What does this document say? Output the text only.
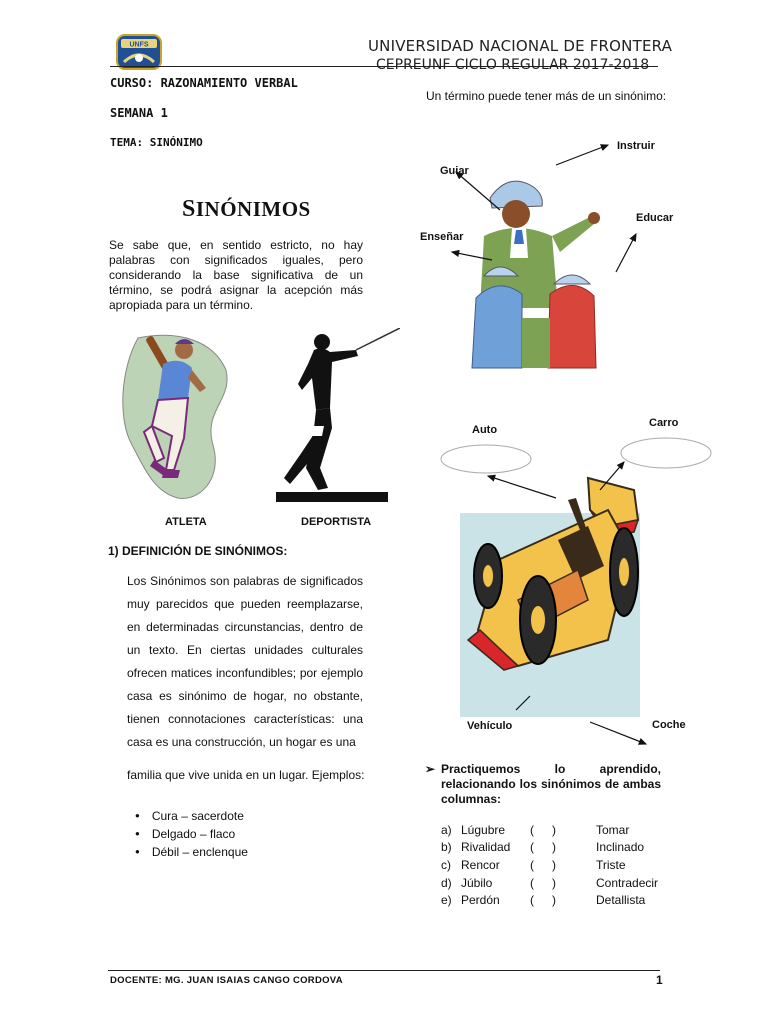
UNFS	UNIVERSIDAD NACIONAL DE FRONTERA
CEPREUNF CICLO REGULAR 2017-2018
CURSO: RAZONAMIENTO VERBAL
SEMANA 1
TEMA: SINÓNIMO
SINÓNIMOS

Se sabe que, en sentido estricto, no hay palabras con significados iguales, pero considerando la base significativa de un término, se podrá asignar la acepción más apropiada para un término.

ATLETA	DEPORTISTA
1) DEFINICIÓN DE SINÓNIMOS:

Los Sinónimos son palabras de significados muy parecidos que pueden reemplazarse, en determinadas circunstancias, dentro de un texto. En ciertas unidades culturales ofrecen matices inconfundibles; por ejemplo casa es sinónimo de hogar, no obstante, tienen connotaciones características: una casa es una construcción, un hogar es una

familia que vive unida en un lugar. Ejemplos:
● Cura – sacerdote
● Delgado – flaco
● Débil – enclenque
Un término puede tener más de un sinónimo:
Instruir
Guiar
Educar
Enseñar
Auto
Carro
Vehículo	Coche
➢ Practiquemos lo aprendido, relacionando los sinónimos de ambas columnas:
a) Lúgubre ( )	Tomar
b) Rivalidad ( )	Inclinado
c) Rencor	( )	Triste
d) Júbilo	( )	Contradecir
e) Perdón	( )	Detallista
DOCENTE: MG. JUAN ISAIAS CANGO CORDOVA	1
